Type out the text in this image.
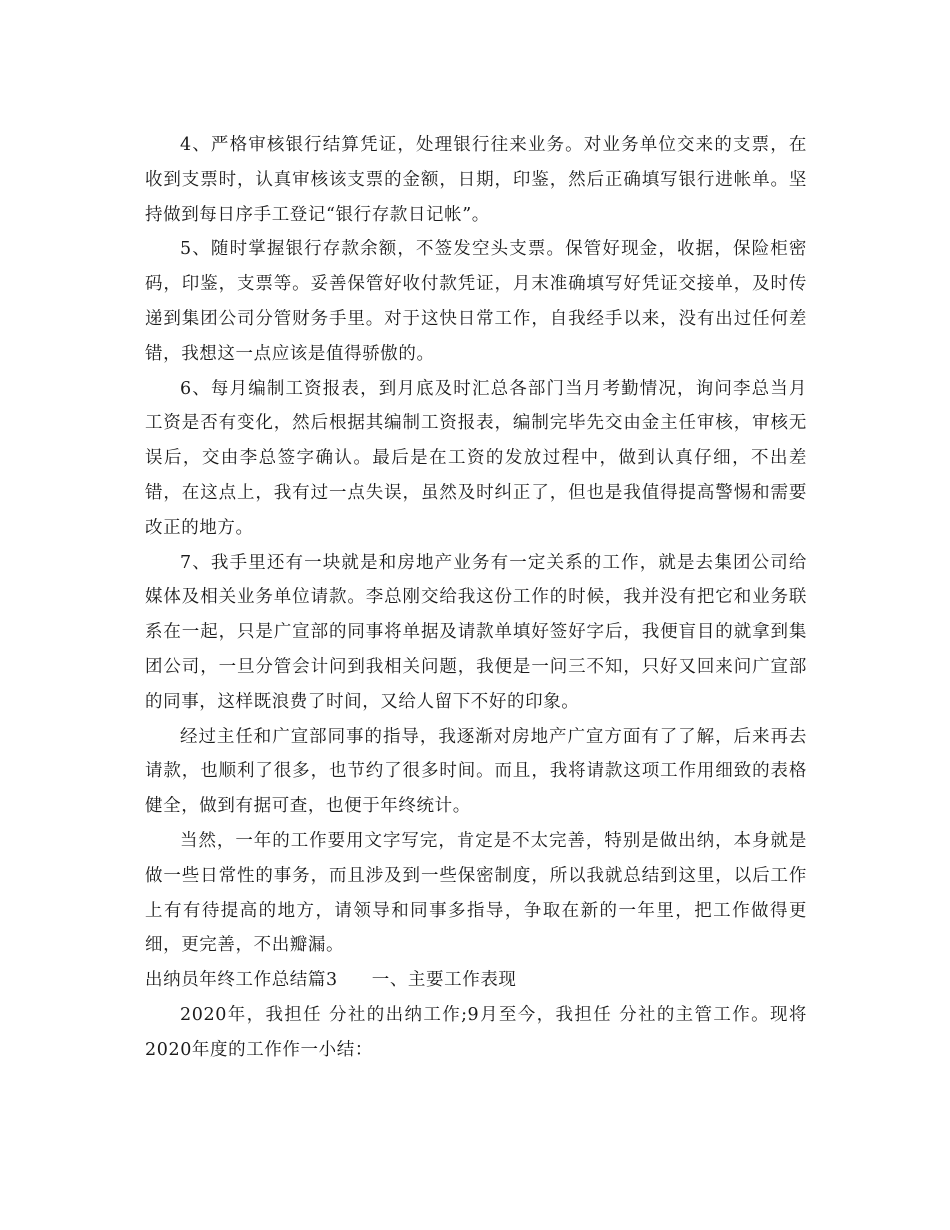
4、严格审核银行结算凭证，处理银行往来业务。对业务单位交来的支票，在收到支票时，认真审核该支票的金额，日期，印鉴，然后正确填写银行进帐单。坚持做到每日序手工登记“银行存款日记帐”。

5、随时掌握银行存款余额，不签发空头支票。保管好现金，收据，保险柜密码，印鉴，支票等。妥善保管好收付款凭证，月末准确填写好凭证交接单，及时传递到集团公司分管财务手里。对于这快日常工作，自我经手以来，没有出过任何差错，我想这一点应该是值得骄傲的。

6、每月编制工资报表，到月底及时汇总各部门当月考勤情况，询问李总当月工资是否有变化，然后根据其编制工资报表，编制完毕先交由金主任审核，审核无误后，交由李总签字确认。最后是在工资的发放过程中，做到认真仔细，不出差错，在这点上，我有过一点失误，虽然及时纠正了，但也是我值得提高警惕和需要改正的地方。

7、我手里还有一块就是和房地产业务有一定关系的工作，就是去集团公司给媒体及相关业务单位请款。李总刚交给我这份工作的时候，我并没有把它和业务联系在一起，只是广宣部的同事将单据及请款单填好签好字后，我便盲目的就拿到集团公司，一旦分管会计问到我相关问题，我便是一问三不知，只好又回来问广宣部的同事，这样既浪费了时间，又给人留下不好的印象。

经过主任和广宣部同事的指导，我逐渐对房地产广宣方面有了了解，后来再去请款，也顺利了很多，也节约了很多时间。而且，我将请款这项工作用细致的表格健全，做到有据可查，也便于年终统计。

当然，一年的工作要用文字写完，肯定是不太完善，特别是做出纳，本身就是做一些日常性的事务，而且涉及到一些保密制度，所以我就总结到这里，以后工作上有有待提高的地方，请领导和同事多指导，争取在新的一年里，把工作做得更细，更完善，不出瓣漏。

出纳员年终工作总结篇3 一、主要工作表现

2020年，我担任 分社的出纳工作;9月至今，我担任 分社的主管工作。现将2020年度的工作作一小结：
